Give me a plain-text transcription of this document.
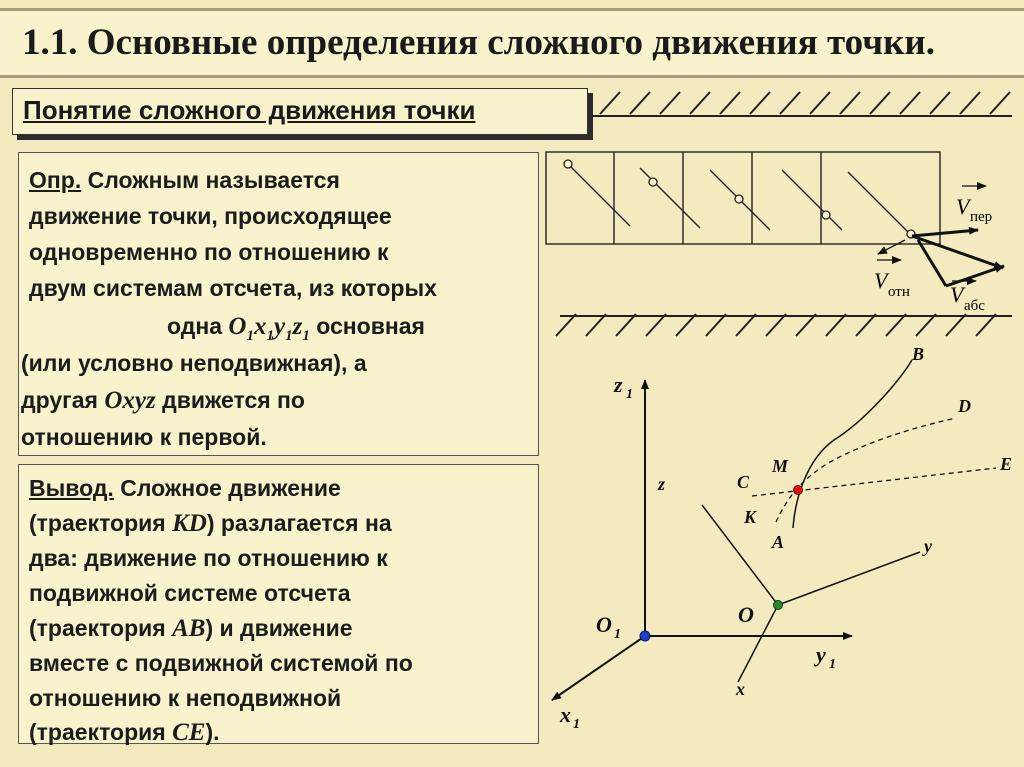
1.1. Основные определения сложного движения точки.
Понятие сложного движения точки
Опр. Сложным называется
движение точки, происходящее
одновременно по отношению к
двум системам отсчета, из которых
одна $O_1x_1y_1z_1$ основная
(или условно неподвижная), а
другая Oxyz движется по
отношению к первой.
Вывод. Сложное движение
(траектория KD) разлагается на
два: движение по отношению к
подвижной системе отсчета
(траектория AB) и движение
вместе с подвижной системой по
отношению к неподвижной
(траектория CE).
V пер
V отн V абс
z 1
y 1
x 1
O 1
O
x
y
z
B
D
E
M
C
K
A
